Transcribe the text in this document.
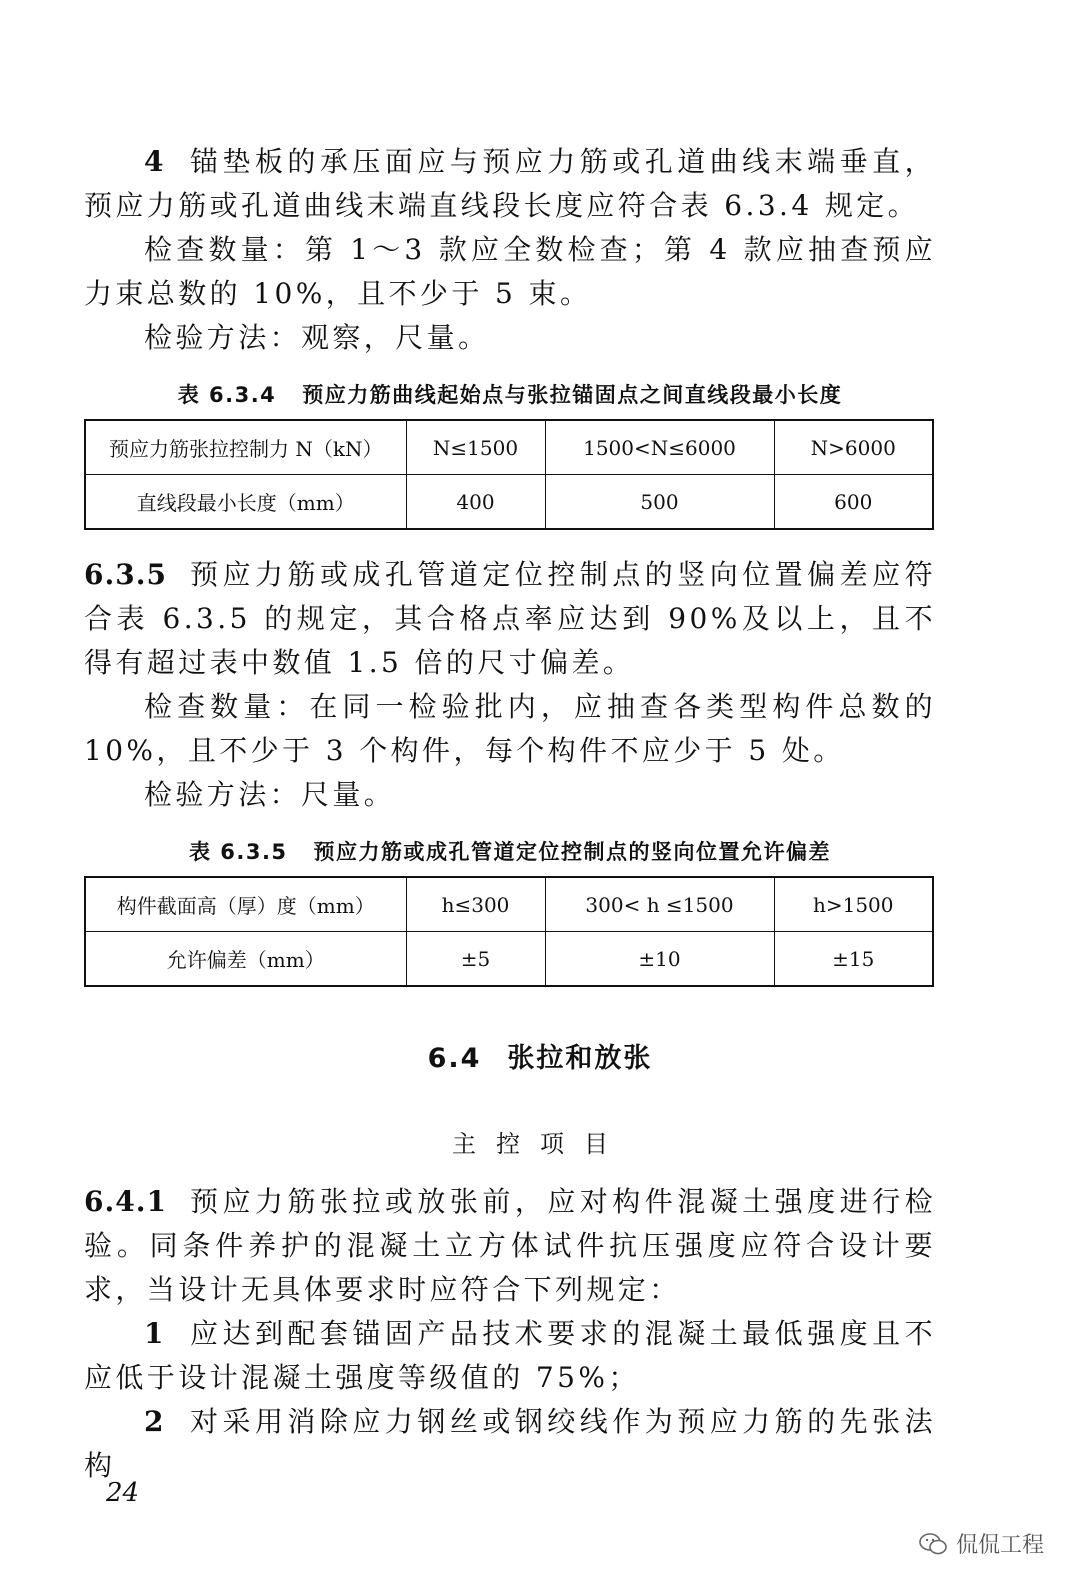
4 锚垫板的承压面应与预应力筋或孔道曲线末端垂直，预应力筋或孔道曲线末端直线段长度应符合表 6.3.4 规定。

检查数量：第 1～3 款应全数检查；第 4 款应抽查预应力束总数的 10%，且不少于 5 束。

检验方法：观察，尺量。

表 6.3.4 预应力筋曲线起始点与张拉锚固点之间直线段最小长度
预应力筋张拉控制力 N（kN）	N≤1500	1500<N≤6000	N>6000
直线段最小长度（mm）	400	500	600

6.3.5 预应力筋或成孔管道定位控制点的竖向位置偏差应符合表 6.3.5 的规定，其合格点率应达到 90%及以上，且不得有超过表中数值 1.5 倍的尺寸偏差。

检查数量：在同一检验批内，应抽查各类型构件总数的 10%，且不少于 3 个构件，每个构件不应少于 5 处。

检验方法：尺量。

表 6.3.5 预应力筋或成孔管道定位控制点的竖向位置允许偏差
构件截面高（厚）度（mm）	h≤300	300< h ≤1500	h>1500
允许偏差（mm）	±5	±10	±15
6.4 张拉和放张
主控项目

6.4.1 预应力筋张拉或放张前，应对构件混凝土强度进行检验。同条件养护的混凝土立方体试件抗压强度应符合设计要求，当设计无具体要求时应符合下列规定：

1 应达到配套锚固产品技术要求的混凝土最低强度且不应低于设计混凝土强度等级值的 75%；

2 对采用消除应力钢丝或钢绞线作为预应力筋的先张法构

24
侃侃工程
